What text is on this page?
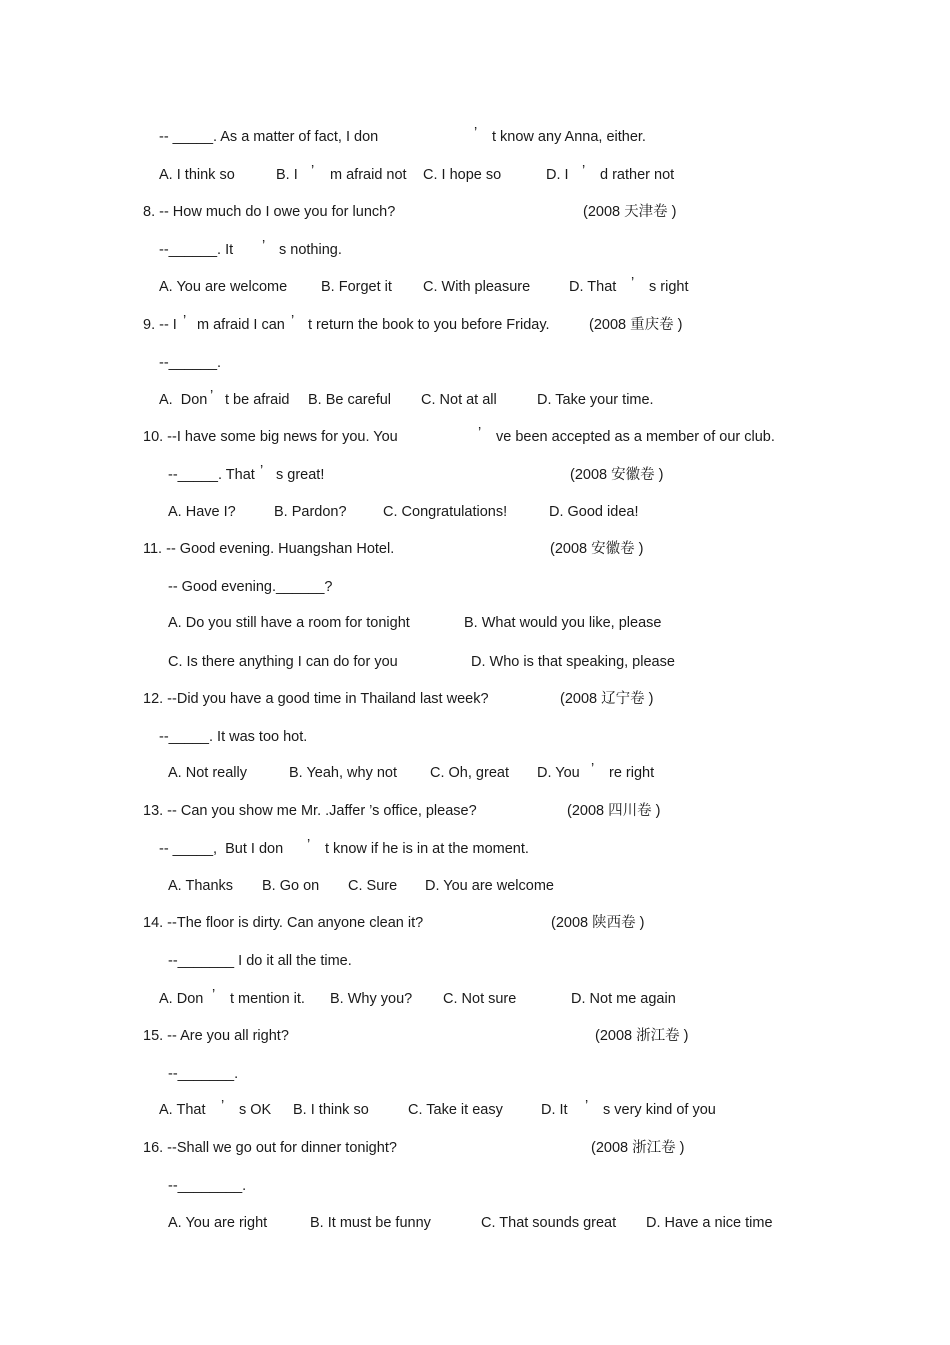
-- _____. As a matter of fact, I don	’ t know any Anna, either.
A. I think so	B. I ’ m afraid not C. I hope so	D. I ’ d rather not
8. -- How much do I owe you for lunch?	(2008 天津卷 )
--______. It ’ s nothing.
A. You are welcome B. Forget it C. With pleasure	D. That ’ s right
9. -- I ’ m afraid I can ’ t return the book to you before Friday.	(2008 重庆卷 )
--______.
A.  Don ’ t be afraid B. Be careful C. Not at all	D. Take your time.
10. --I have some big news for you. You	’ ve been accepted as a member of our club.
--_____. That ’ s great!	(2008 安徽卷 )
A. Have I?	B. Pardon?	C. Congratulations!	D. Good idea!
11. -- Good evening. Huangshan Hotel.	(2008 安徽卷 )
-- Good evening.______?
A. Do you still have a room for tonight	B. What would you like, please
C. Is there anything I can do for you	D. Who is that speaking, please
12. --Did you have a good time in Thailand last week?	(2008 辽宁卷 )
--_____. It was too hot.
A. Not really	B. Yeah, why not C. Oh, great D. You ’ re right
13. -- Can you show me Mr. .Jaffer ’s office, please?	(2008 四川卷 )
-- _____,  But I don ’ t know if he is in at the moment.
A. Thanks B. Go on C. Sure D. You are welcome
14. --The floor is dirty. Can anyone clean it?	(2008 陕西卷 )
--_______ I do it all the time.
A. Don ’ t mention it. B. Why you? C. Not sure	D. Not me again
15. -- Are you all right?	(2008 浙江卷 )
--_______.
A. That ’ s OK B. I think so	C. Take it easy	D. It ’ s very kind of you
16. --Shall we go out for dinner tonight?	(2008 浙江卷 )
--________.
A. You are right	B. It must be funny	C. That sounds great D. Have a nice time
